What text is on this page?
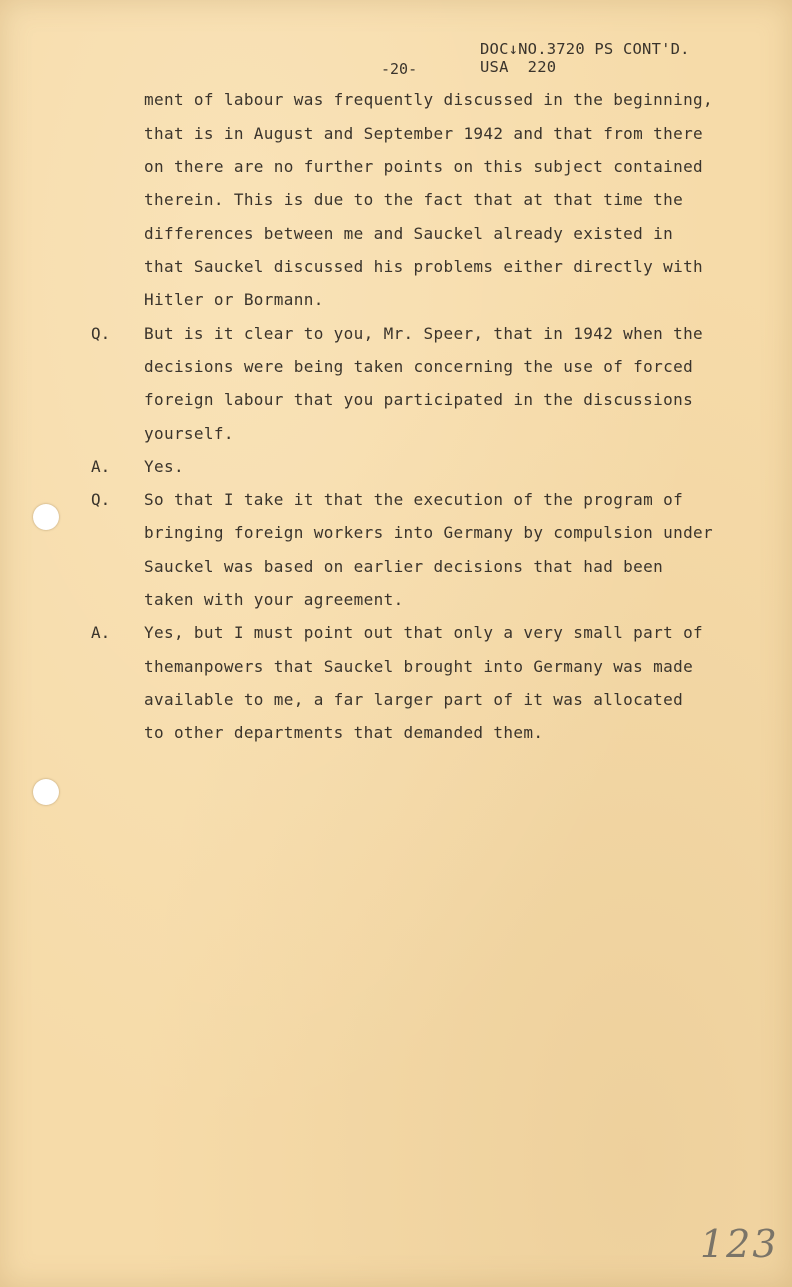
DOC↓NO.3720 PS CONT'D.
USA  220
-20-
ment of labour was frequently discussed in the beginning,
that is in August and September 1942 and that from there
on there are no further points on this subject contained
therein. This is due to the fact that at that time the
differences between me and Sauckel already existed in
that Sauckel discussed his problems either directly with
Hitler or Bormann.
Q. But is it clear to you, Mr. Speer, that in 1942 when the
decisions were being taken concerning the use of forced
foreign labour that you participated in the discussions
yourself.
A. Yes.
Q. So that I take it that the execution of the program of
bringing foreign workers into Germany by compulsion under
Sauckel was based on earlier decisions that had been
taken with your agreement.
A. Yes, but I must point out that only a very small part of
themanpowers that Sauckel brought into Germany was made
available to me, a far larger part of it was allocated
to other departments that demanded them.
123
